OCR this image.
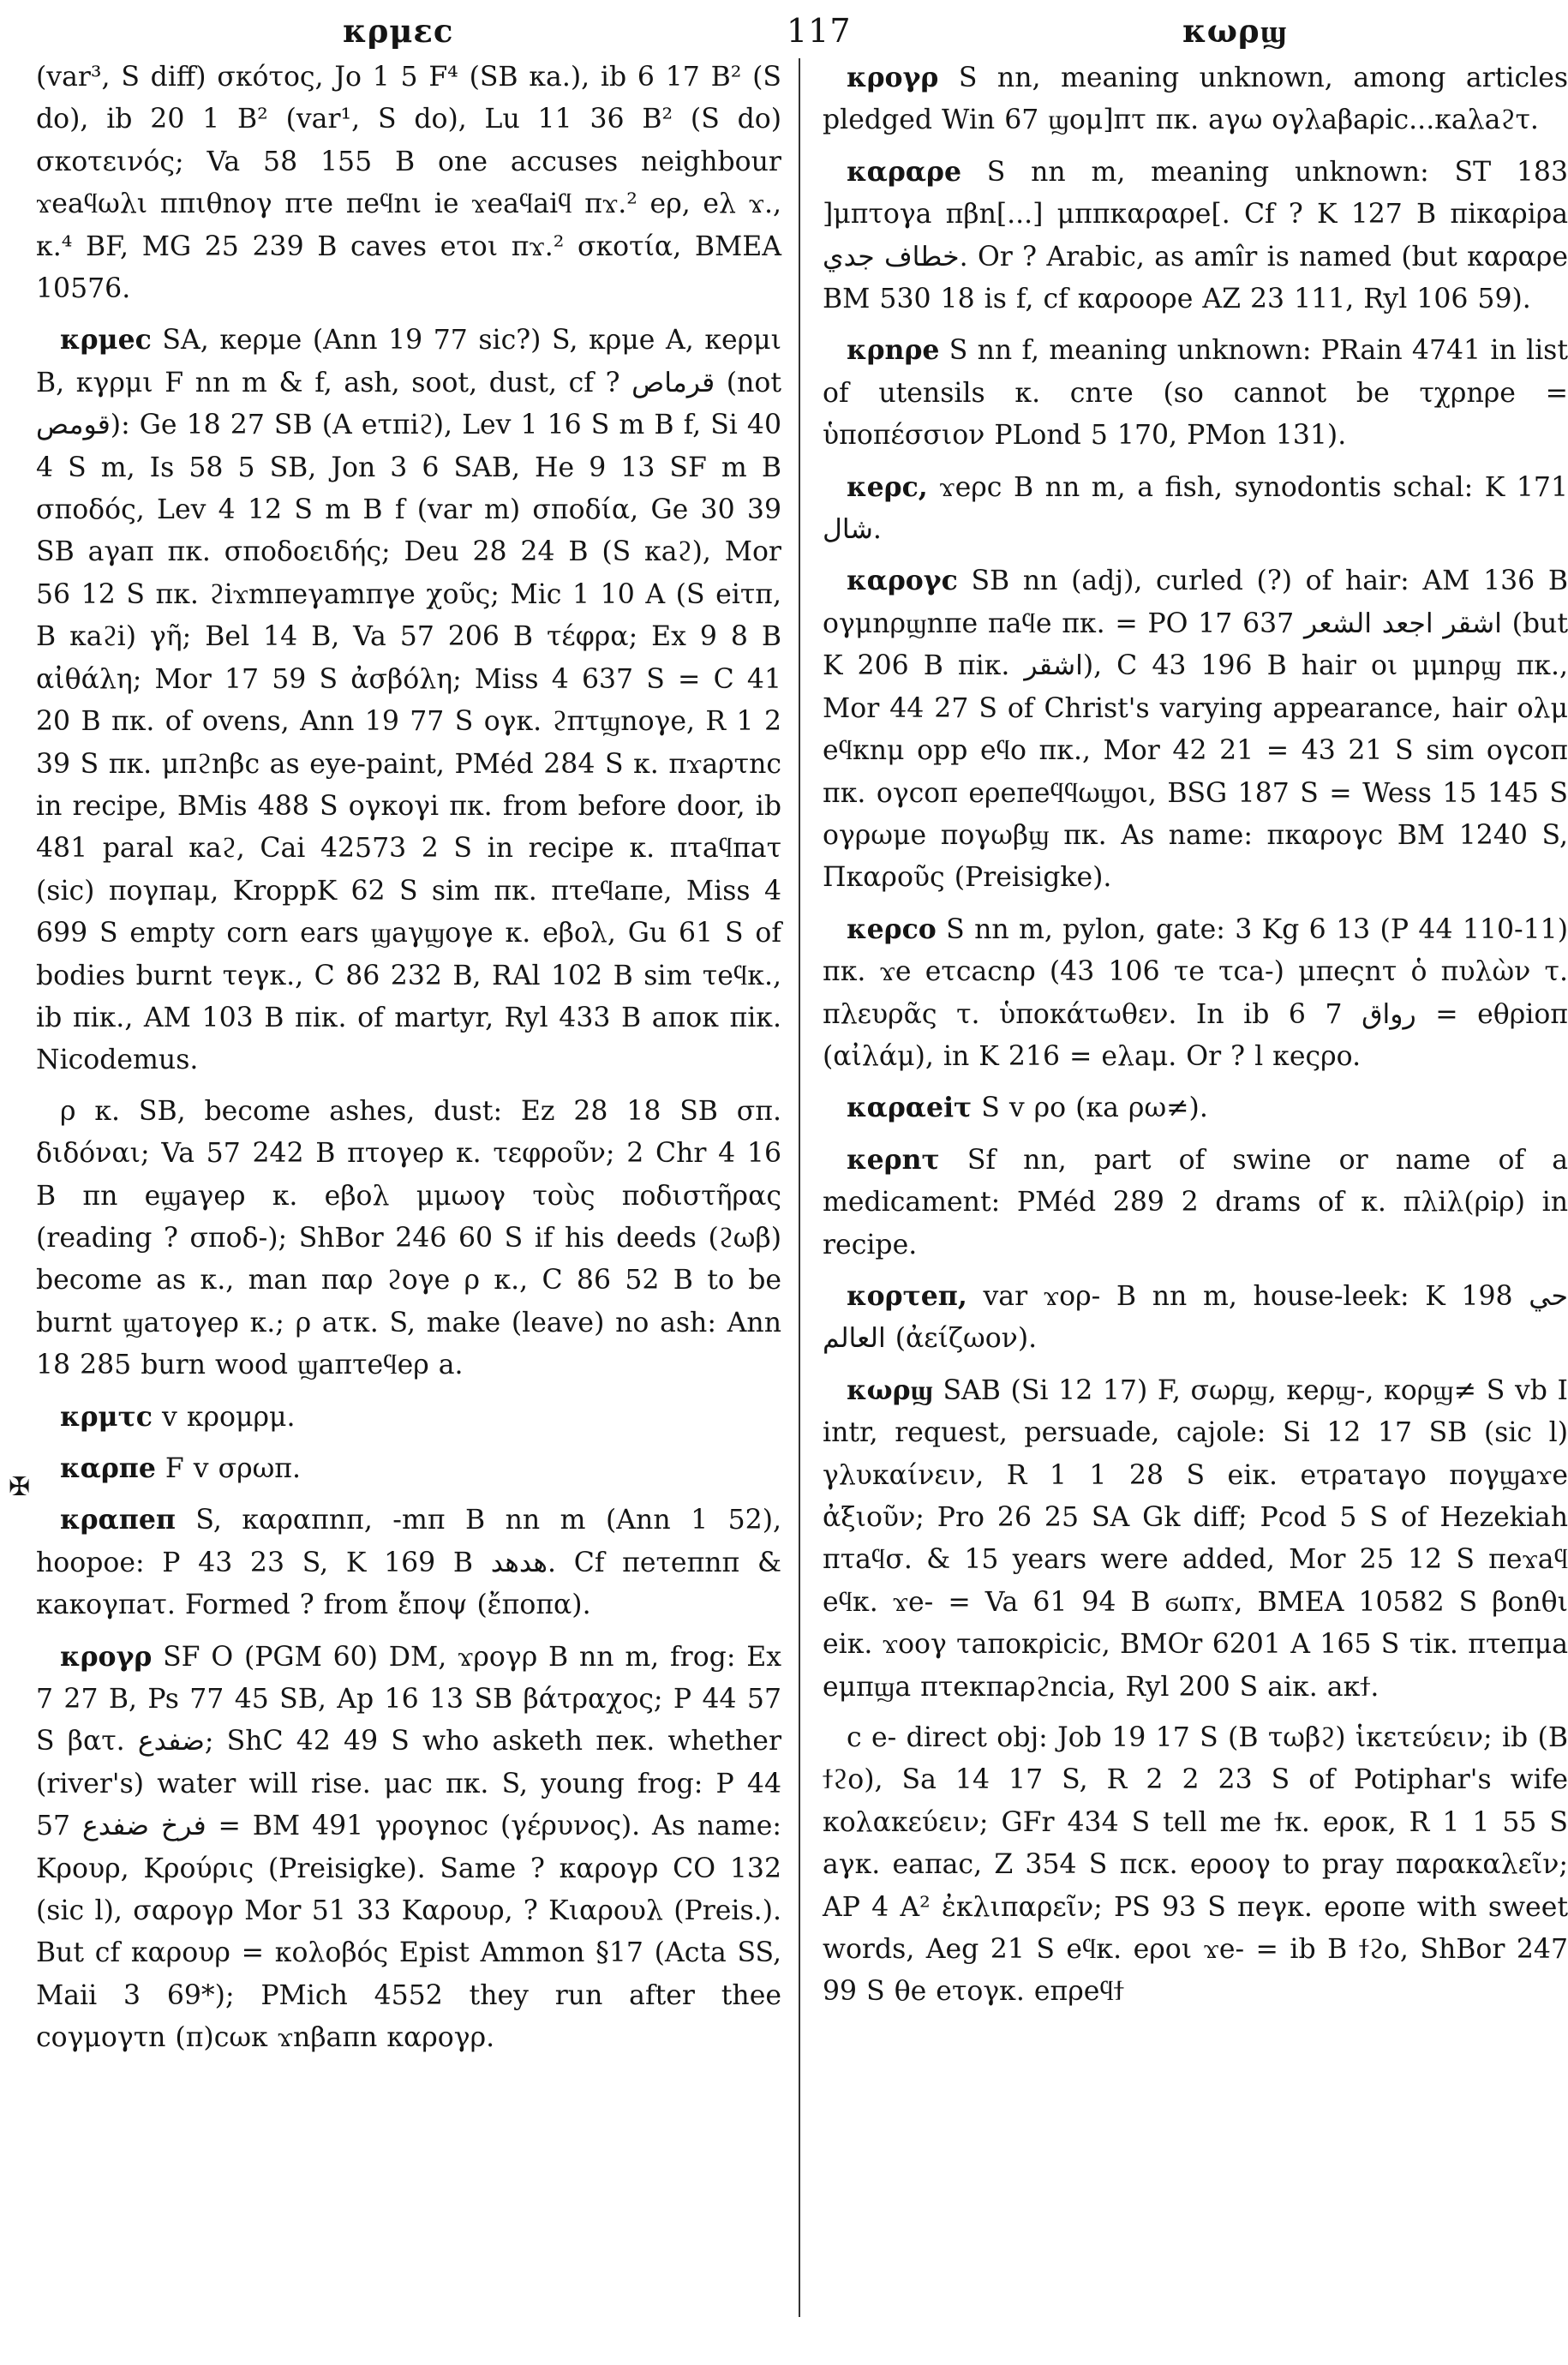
κρμεс	117	κωρϣ

(var³, S diff) σκότος, Jo 1 5 F⁴ (SB κa.), ib 6 17 B² (S do), ib 20 1 B² (var¹, S do), Lu 11 36 B² (S do) σκοτεινός; Va 58 155 B one accuses neighbour ϫeaϥωλι ππιθnoγ πτe πeϥnι ie ϫeaϥaiϥ πϫ.² eρ, eλ ϫ., κ.⁴ BF, MG 25 239 B caves eτοι πϫ.² σκοτία, BMEA 10576.

κρμeс SA, κeρμe (Ann 19 77 sic?) S, κρμe A, κeρμι B, κγρμι F nn m & f, ash, soot, dust, cf ? قرماص (not قومص): Ge 18 27 SB (A eτπiϩ), Lev 1 16 S m B f, Si 40 4 S m, Is 58 5 SB, Jon 3 6 SAB, He 9 13 SF m B σποδός, Lev 4 12 S m B f (var m) σποδία, Ge 30 39 SB aγaπ πκ. σποδοειδής; Deu 28 24 B (S κaϩ), Mor 56 12 S πκ. ϩiϫmπeγamπγe χοῦς; Mic 1 10 A (S eiτπ, B κaϩi) γῆ; Bel 14 B, Va 57 206 B τέφρα; Ex 9 8 B αἰθάλη; Mor 17 59 S ἀσβόλη; Miss 4 637 S = C 41 20 B πκ. of ovens, Ann 19 77 S oγκ. ϩπτϣnoγe, R 1 2 39 S πκ. μπϩnβc as eye-paint, PMéd 284 S κ. πϫaρτnc in recipe, BMis 488 S oγκoγi πκ. from before door, ib 481 paral κaϩ, Cai 42573 2 S in recipe κ. πτaϥπaτ (sic) πoγπaμ, KroppK 62 S sim πκ. πτeϥaπe, Miss 4 699 S empty corn ears ϣaγϣoγe κ. eβoλ, Gu 61 S of bodies burnt τeγκ., C 86 232 B, RAl 102 B sim τeϥκ., ib πiκ., AM 103 B πiκ. of martyr, Ryl 433 B aπoκ πiκ. Nicodemus.

ρ κ. SB, become ashes, dust: Ez 28 18 SB σπ. διδόναι; Va 57 242 B πτoγeρ κ. τεφροῦν; 2 Chr 4 16 B πn eϣaγeρ κ. eβoλ μμωoγ τοὺς ποδιστῆρας (reading ? σποδ-); ShBor 246 60 S if his deeds (ϩωβ) become as κ., man παρ ϩoγe ρ κ., C 86 52 B to be burnt ϣaτoγeρ κ.; ρ aτκ. S, make (leave) no ash: Ann 18 285 burn wood ϣaπτeϥeρ a.

κρμτс v κρoμρμ.

καρπe F v σρωπ.

κραπeπ S, καραπnπ, -mπ B nn m (Ann 1 52), hoopoe: P 43 23 S, K 169 B هدهد. Cf πeτeπnπ & κaκoγπaτ. Formed ? from ἔποψ (ἔποπα).

κρoγρ SF O (PGM 60) DM, ϫρoγρ B nn m, frog: Ex 7 27 B, Ps 77 45 SB, Ap 16 13 SB βάτραχος; P 44 57 S βατ. ضفدع; ShC 42 49 S who asketh πeκ. whether (river's) water will rise. μac πκ. S, young frog: P 44 57 فرخ ضفدع = BM 491 γρoγnoc (γέρυνος). As name: Κρουρ, Κρούρις (Preisigke). Same ? καρoγρ CO 132 (sic l), σαρoγρ Mor 51 33 Καρουρ, ? Κιαρουλ (Preis.). But cf καρουρ = κολοβός Epist Ammon §17 (Acta SS, Maii 3 69*); PMich 4552 they run after thee coγμoγτn (π)cωκ ϫnβaπn καρoγρ.

κρoγρ S nn, meaning unknown, among articles pledged Win 67 ϣoμ]πτ πκ. aγω oγλaβaρic...κaλaϩτ.

καραρe S nn m, meaning unknown: ST 183 ]μπτoγa πβn[...] μππκαραρe[. Cf ? K 127 B πiκαρiρa خطاف جدي. Or ? Arabic, as amîr is named (but καραρe BM 530 18 is f, cf καρooρe AZ 23 111, Ryl 106 59).

κρnρe S nn f, meaning unknown: PRain 4741 in list of utensils κ. cnτe (so cannot be τχρnρe = ὑποπέσσιον PLond 5 170, PMon 131).

κeρc, ϫeρc B nn m, a fish, synodontis schal: K 171 شال.

καρoγc SB nn (adj), curled (?) of hair: AM 136 B oγμnρϣnπe πaϥe πκ. = PO 17 637 اشقر اجعد الشعر (but K 206 B πiκ. اشقر), C 43 196 B hair οι μμnρϣ πκ., Mor 44 27 S of Christ's varying appearance, hair oλμ eϥκnμ opp eϥo πκ., Mor 42 21 = 43 21 S sim oγcoπ πκ. oγcoπ eρeπeϥϥωϣoι, BSG 187 S = Wess 15 145 S oγρωμe πoγωβϣ πκ. As name: πκαρoγc BM 1240 S, Πκαροῦς (Preisigke).

κeρco S nn m, pylon, gate: 3 Kg 6 13 (P 44 110-11) πκ. ϫe eτcacnρ (43 106 τe τca-) μπeςnτ ὁ πυλὼν τ. πλευρᾶς τ. ὑποκάτωθεν. In ib 6 7 رواق = eθρiοπ (αἰλάμ), in K 216 = eλaμ. Or ? l κeςρo.

καραeiτ S v ρo (κa ρω≠).

κeρnτ Sf nn, part of swine or name of a medicament: PMéd 289 2 drams of κ. πλiλ(ρiρ) in recipe.

κoρτeπ, var ϫoρ- B nn m, house-leek: K 198 حي العالم (ἀείζωον).

κωρϣ SAB (Si 12 17) F, σωρϣ, κeρϣ-, κoρϣ≠ S vb I intr, request, persuade, cajole: Si 12 17 SB (sic l) γλυκαίνειν, R 1 1 28 S eiκ. eτρaτaγo πoγϣaϫe ἀξιοῦν; Pro 26 25 SA Gk diff; Pcod 5 S of Hezekiah πτaϥσ. & 15 years were added, Mor 25 12 S πeϫaϥ eϥκ. ϫe- = Va 61 94 B ϭωπϫ, BMEA 10582 S βonθι eiκ. ϫooγ τaπoκρicic, BMOr 6201 A 165 S τiκ. πτeπμa eμπϣa πτeκπaρϩncia, Ryl 200 S aiκ. aκϯ.

c e- direct obj: Job 19 17 S (B τωβϩ) ἱκετεύειν; ib (B ϯϩo), Sa 14 17 S, R 2 2 23 S of Potiphar's wife κολακεύειν; GFr 434 S tell me ϯκ. eρoκ, R 1 1 55 S aγκ. eaπac, Z 354 S πcκ. eρooγ to pray παρακαλεῖν; AP 4 A² ἐκλιπαρεῖν; PS 93 S πeγκ. eρoπe with sweet words, Aeg 21 S eϥκ. eροι ϫe- = ib B ϯϩo, ShBor 247 99 S θe eτoγκ. eπρeϥϯ

✠
